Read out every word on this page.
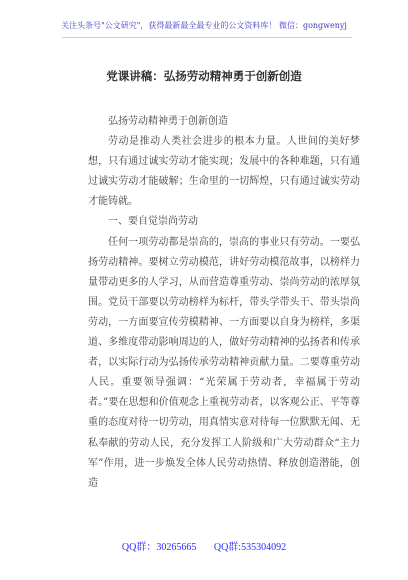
关注头条号"公文研究"，获得最新最全最专业的公文资料库！ 微信：gongwenyj
党课讲稿：弘扬劳动精神勇于创新创造

弘扬劳动精神勇于创新创造

劳动是推动人类社会进步的根本力量。人世间的美好梦想，只有通过诚实劳动才能实现；发展中的各种难题，只有通过诚实劳动才能破解；生命里的一切辉煌，只有通过诚实劳动才能铸就。

一、要自觉崇尚劳动

任何一项劳动都是崇高的，崇高的事业只有劳动。一要弘扬劳动精神。要树立劳动模范，讲好劳动模范故事，以榜样力量带动更多的人学习，从而营造尊重劳动、崇尚劳动的浓厚氛围。党员干部要以劳动榜样为标杆，带头学带头干、带头崇尚劳动，一方面要宣传劳模精神、一方面要以自身为榜样，多渠道、多维度带动影响周边的人，做好劳动精神的弘扬者和传承者，以实际行动为弘扬传承劳动精神贡献力量。二要尊重劳动人民。重要领导强调：“光荣属于劳动者，幸福属于劳动者。”要在思想和价值观念上重视劳动者，以客观公正、平等尊重的态度对待一切劳动，用真情实意对待每一位默默无闻、无私奉献的劳动人民，充分发挥工人阶级和广大劳动群众“主力军”作用，进一步焕发全体人民劳动热情、释放创造潜能，创造

QQ群：30265665       QQ群:535304092
